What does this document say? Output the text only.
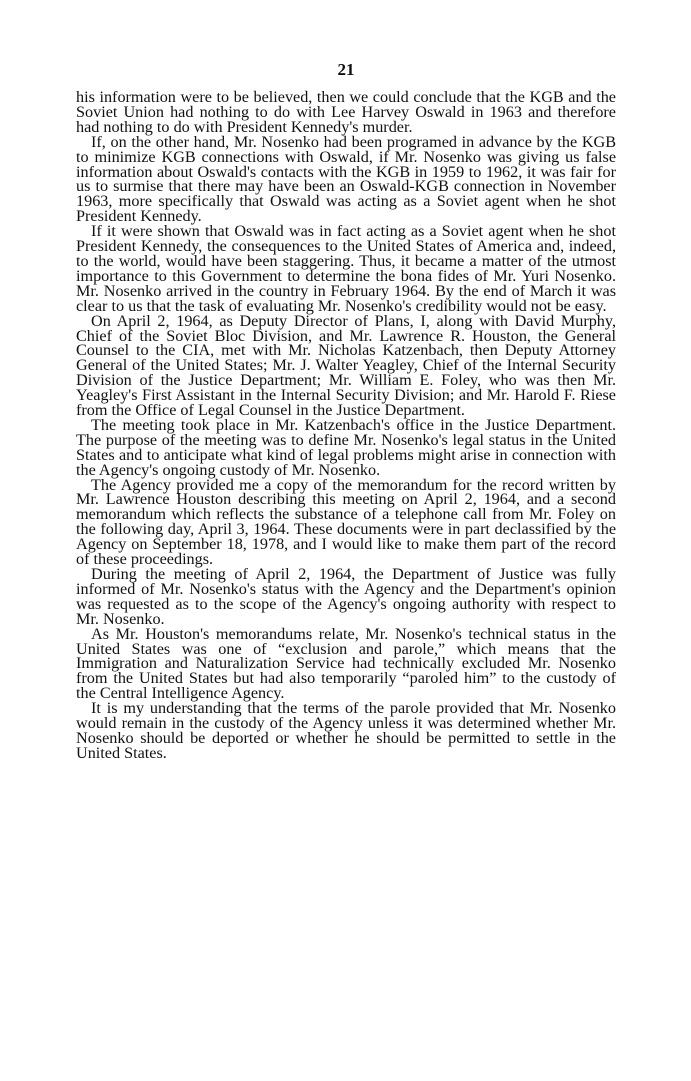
21

his information were to be believed, then we could conclude that the KGB and the Soviet Union had nothing to do with Lee Harvey Oswald in 1963 and therefore had nothing to do with President Kennedy's murder.

If, on the other hand, Mr. Nosenko had been programed in advance by the KGB to minimize KGB connections with Oswald, if Mr. Nosenko was giving us false information about Oswald's contacts with the KGB in 1959 to 1962, it was fair for us to surmise that there may have been an Oswald-KGB connection in November 1963, more specifically that Oswald was acting as a Soviet agent when he shot President Kennedy.

If it were shown that Oswald was in fact acting as a Soviet agent when he shot President Kennedy, the consequences to the United States of America and, indeed, to the world, would have been staggering. Thus, it became a matter of the utmost importance to this Government to determine the bona fides of Mr. Yuri Nosenko. Mr. Nosenko arrived in the country in February 1964. By the end of March it was clear to us that the task of evaluating Mr. Nosenko's credibility would not be easy.

On April 2, 1964, as Deputy Director of Plans, I, along with David Murphy, Chief of the Soviet Bloc Division, and Mr. Lawrence R. Houston, the General Counsel to the CIA, met with Mr. Nicholas Katzenbach, then Deputy Attorney General of the United States; Mr. J. Walter Yeagley, Chief of the Internal Security Division of the Justice Department; Mr. William E. Foley, who was then Mr. Yeagley's First Assistant in the Internal Security Division; and Mr. Harold F. Riese from the Office of Legal Counsel in the Justice Department.

The meeting took place in Mr. Katzenbach's office in the Justice Department. The purpose of the meeting was to define Mr. Nosenko's legal status in the United States and to anticipate what kind of legal problems might arise in connection with the Agency's ongoing custody of Mr. Nosenko.

The Agency provided me a copy of the memorandum for the record written by Mr. Lawrence Houston describing this meeting on April 2, 1964, and a second memorandum which reflects the substance of a telephone call from Mr. Foley on the following day, April 3, 1964. These documents were in part declassified by the Agency on September 18, 1978, and I would like to make them part of the record of these proceedings.

During the meeting of April 2, 1964, the Department of Justice was fully informed of Mr. Nosenko's status with the Agency and the Department's opinion was requested as to the scope of the Agency's ongoing authority with respect to Mr. Nosenko.

As Mr. Houston's memorandums relate, Mr. Nosenko's technical status in the United States was one of “exclusion and parole,” which means that the Immigration and Naturalization Service had technically excluded Mr. Nosenko from the United States but had also temporarily “paroled him” to the custody of the Central Intelligence Agency.

It is my understanding that the terms of the parole provided that Mr. Nosenko would remain in the custody of the Agency unless it was determined whether Mr. Nosenko should be deported or whether he should be permitted to settle in the United States.
